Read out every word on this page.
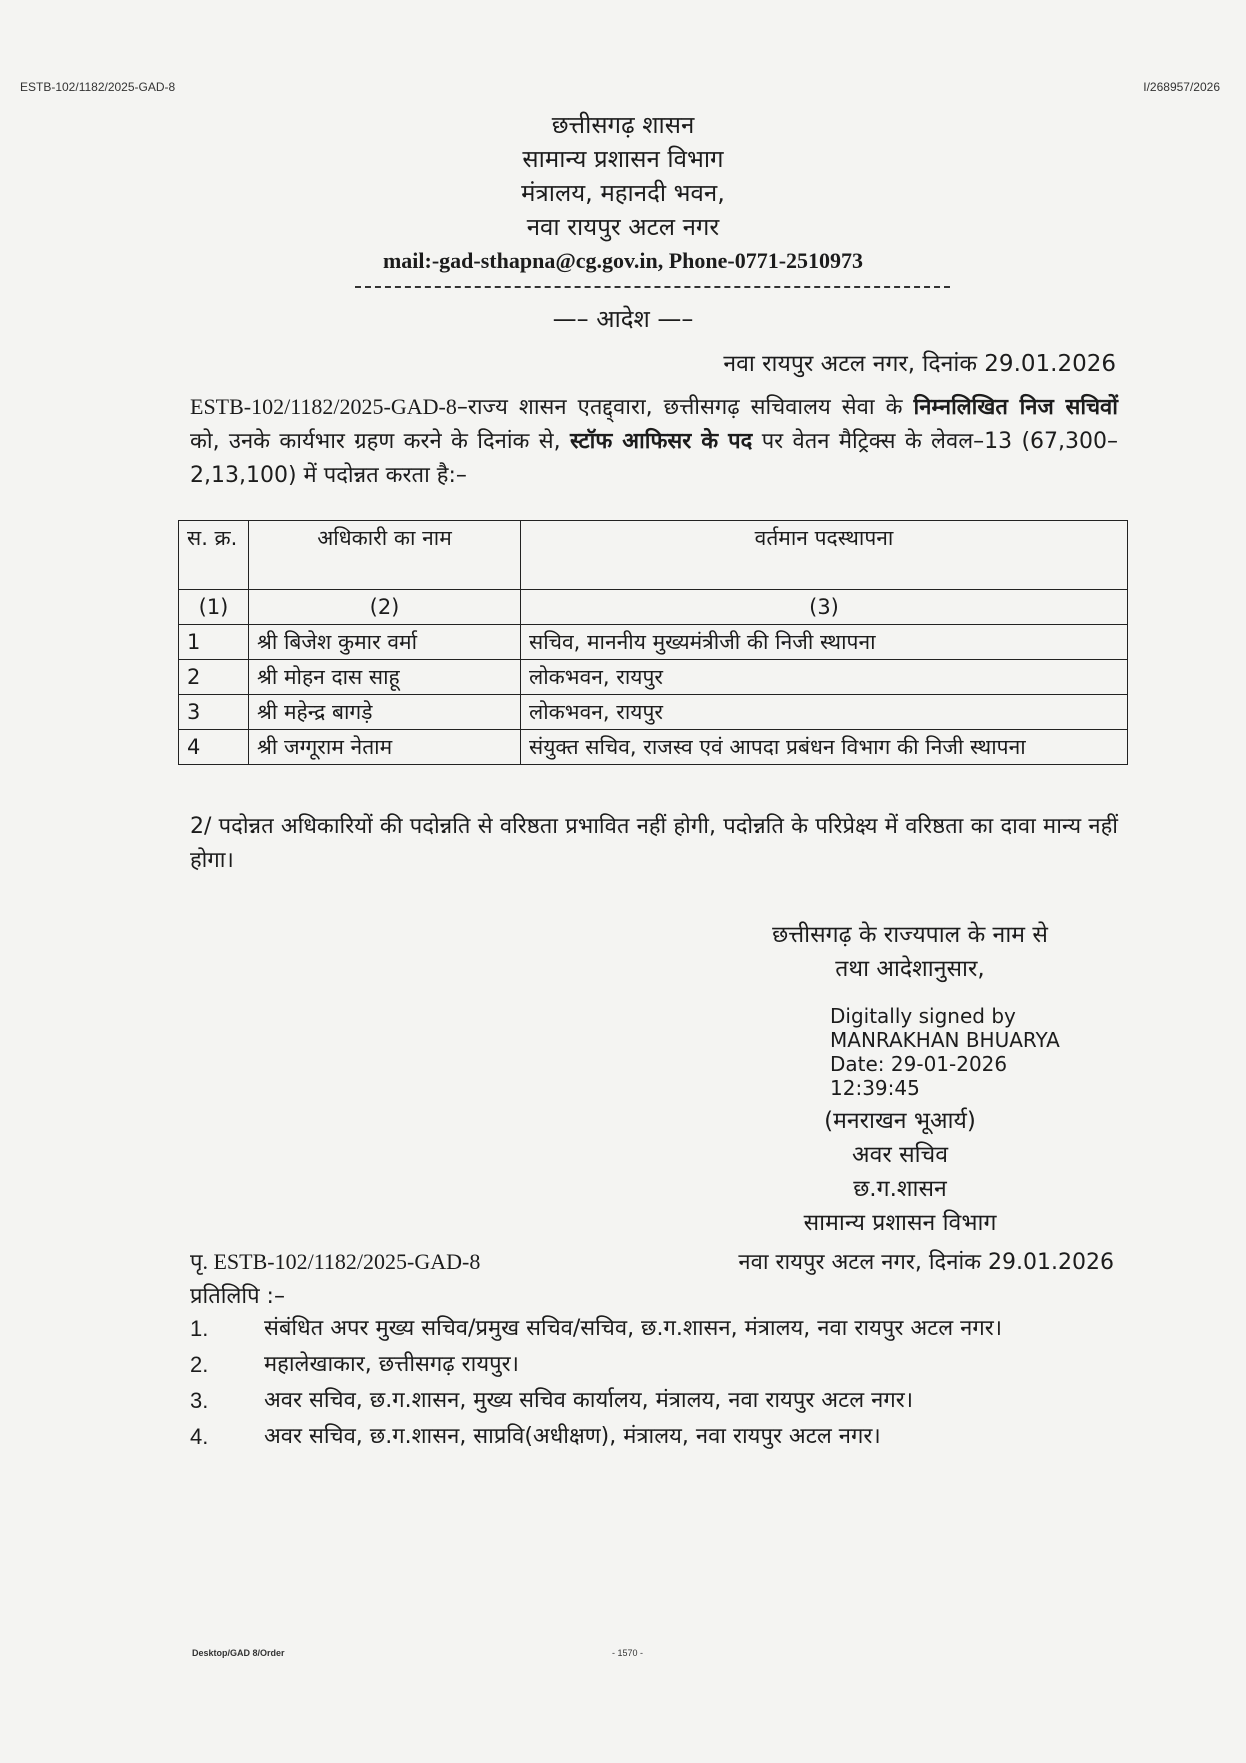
ESTB-102/1182/2025-GAD-8	I/268957/2026
छत्तीसगढ़ शासन
सामान्य प्रशासन विभाग
मंत्रालय, महानदी भवन,
नवा रायपुर अटल नगर
mail:-gad-sthapna@cg.gov.in, Phone-0771-2510973
—– आदेश —–
नवा रायपुर अटल नगर, दिनांक 29.01.2026
ESTB-102/1182/2025-GAD-8–राज्य शासन एतद्द्वारा, छत्तीसगढ़ सचिवालय सेवा के निम्नलिखित निज सचिवों को, उनके कार्यभार ग्रहण करने के दिनांक से, स्टॉफ आफिसर के पद पर वेतन मैट्रिक्स के लेवल–13 (67,300–2,13,100) में पदोन्नत करता है:–
स. क्र.	अधिकारी का नाम	वर्तमान पदस्थापना
(1)	(2)	(3)
1	श्री बिजेश कुमार वर्मा	सचिव, माननीय मुख्यमंत्रीजी की निजी स्थापना
2	श्री मोहन दास साहू	लोकभवन, रायपुर
3	श्री महेन्द्र बागड़े	लोकभवन, रायपुर
4	श्री जग्गूराम नेताम	संयुक्त सचिव, राजस्व एवं आपदा प्रबंधन विभाग की निजी स्थापना
2/ पदोन्नत अधिकारियों की पदोन्नति से वरिष्ठता प्रभावित नहीं होगी, पदोन्नति के परिप्रेक्ष्य में वरिष्ठता का दावा मान्य नहीं होगा।
छत्तीसगढ़ के राज्यपाल के नाम से
तथा आदेशानुसार,
Digitally signed by
MANRAKHAN BHUARYA
Date: 29-01-2026
12:39:45
(मनराखन भूआर्य)
अवर सचिव
छ.ग.शासन
सामान्य प्रशासन विभाग
पृ. ESTB-102/1182/2025-GAD-8	नवा रायपुर अटल नगर, दिनांक 29.01.2026
प्रतिलिपि :–
1.	संबंधित अपर मुख्य सचिव/प्रमुख सचिव/सचिव, छ.ग.शासन, मंत्रालय, नवा रायपुर अटल नगर।
2.	महालेखाकार, छत्तीसगढ़ रायपुर।
3.	अवर सचिव, छ.ग.शासन, मुख्य सचिव कार्यालय, मंत्रालय, नवा रायपुर अटल नगर।
4.	अवर सचिव, छ.ग.शासन, साप्रवि(अधीक्षण), मंत्रालय, नवा रायपुर अटल नगर।
Desktop/GAD 8/Order	- 1570 -
